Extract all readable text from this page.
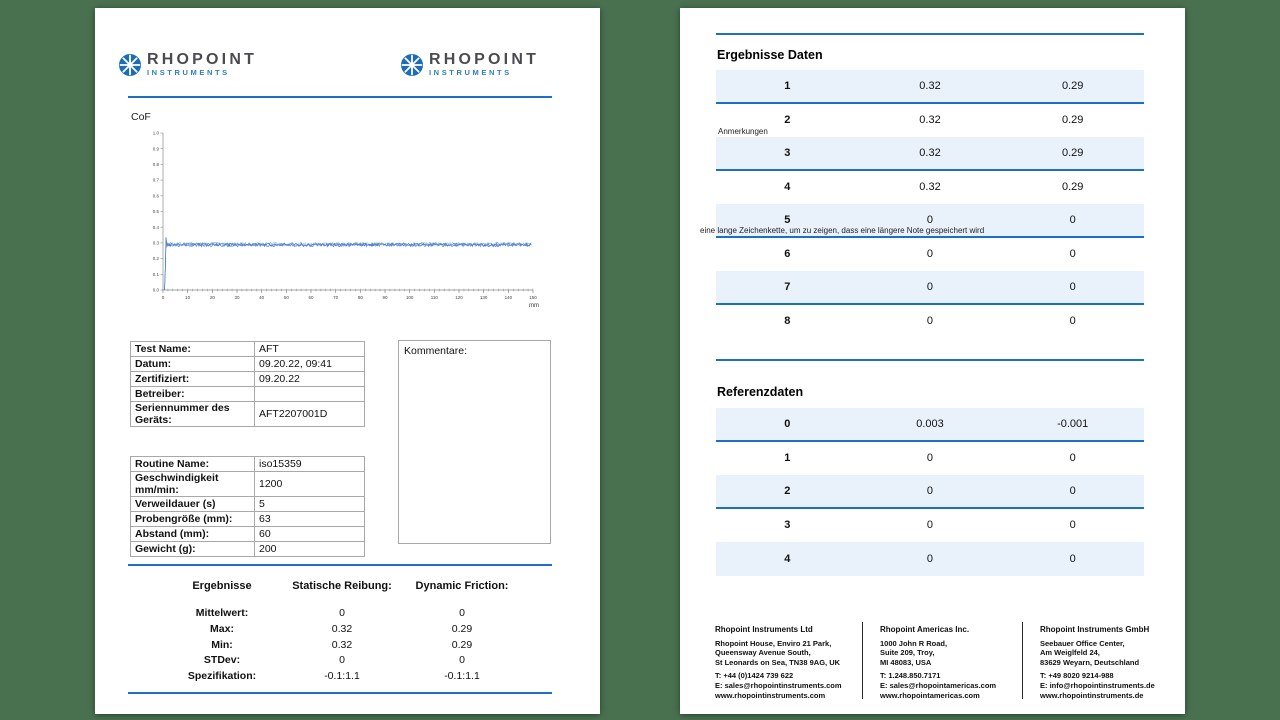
RHOPOINT
INSTRUMENTS
RHOPOINT
INSTRUMENTS
CoF
0.0
0.1
0.2
0.3
0.4
0.5
0.6
0.7
0.8
0.9
1.0
0	10	20	30	40	50	60	70	80	90	100	110	120	130	140	150
mm
Test Name:	AFT
Datum:	09.20.22, 09:41
Zertifiziert:	09.20.22
Betreiber:	
Seriennummer des Geräts:	AFT2207001D
Kommentare:
Routine Name:	iso15359
Geschwindigkeit mm/min:	1200
Verweildauer (s)	5
Probengröße (mm):	63
Abstand (mm):	60
Gewicht (g):	200
Ergebnisse	Statische Reibung:	Dynamic Friction:
Mittelwert:	0	0
Max:	0.32	0.29
Min:	0.32	0.29
STDev:	0	0
Spezifikation:	-0.1:1.1	-0.1:1.1
Ergebnisse Daten
1	0.32	0.29
2	0.32	0.29
Anmerkungen
3	0.32	0.29
4	0.32	0.29
5	0	0
eine lange Zeichenkette, um zu zeigen, dass eine längere Note gespeichert wird
6	0	0
7	0	0
8	0	0
Referenzdaten
0	0.003	-0.001
1	0	0
2	0	0
3	0	0
4	0	0
Rhopoint Instruments Ltd
Rhopoint House, Enviro 21 Park,
Queensway Avenue South,
St Leonards on Sea, TN38 9AG, UK
T: +44 (0)1424 739 622
E: sales@rhopointinstruments.com
www.rhopointinstruments.com
Rhopoint Americas Inc.
1000 John R Road,
Suite 209, Troy,
MI 48083, USA
T: 1.248.850.7171
E: sales@rhopointamericas.com
www.rhopointamericas.com
Rhopoint Instruments GmbH
Seebauer Office Center,
Am Weiglfeld 24,
83629 Weyarn, Deutschland
T: +49 8020 9214-988
E: info@rhopointinstruments.de
www.rhopointinstruments.de
